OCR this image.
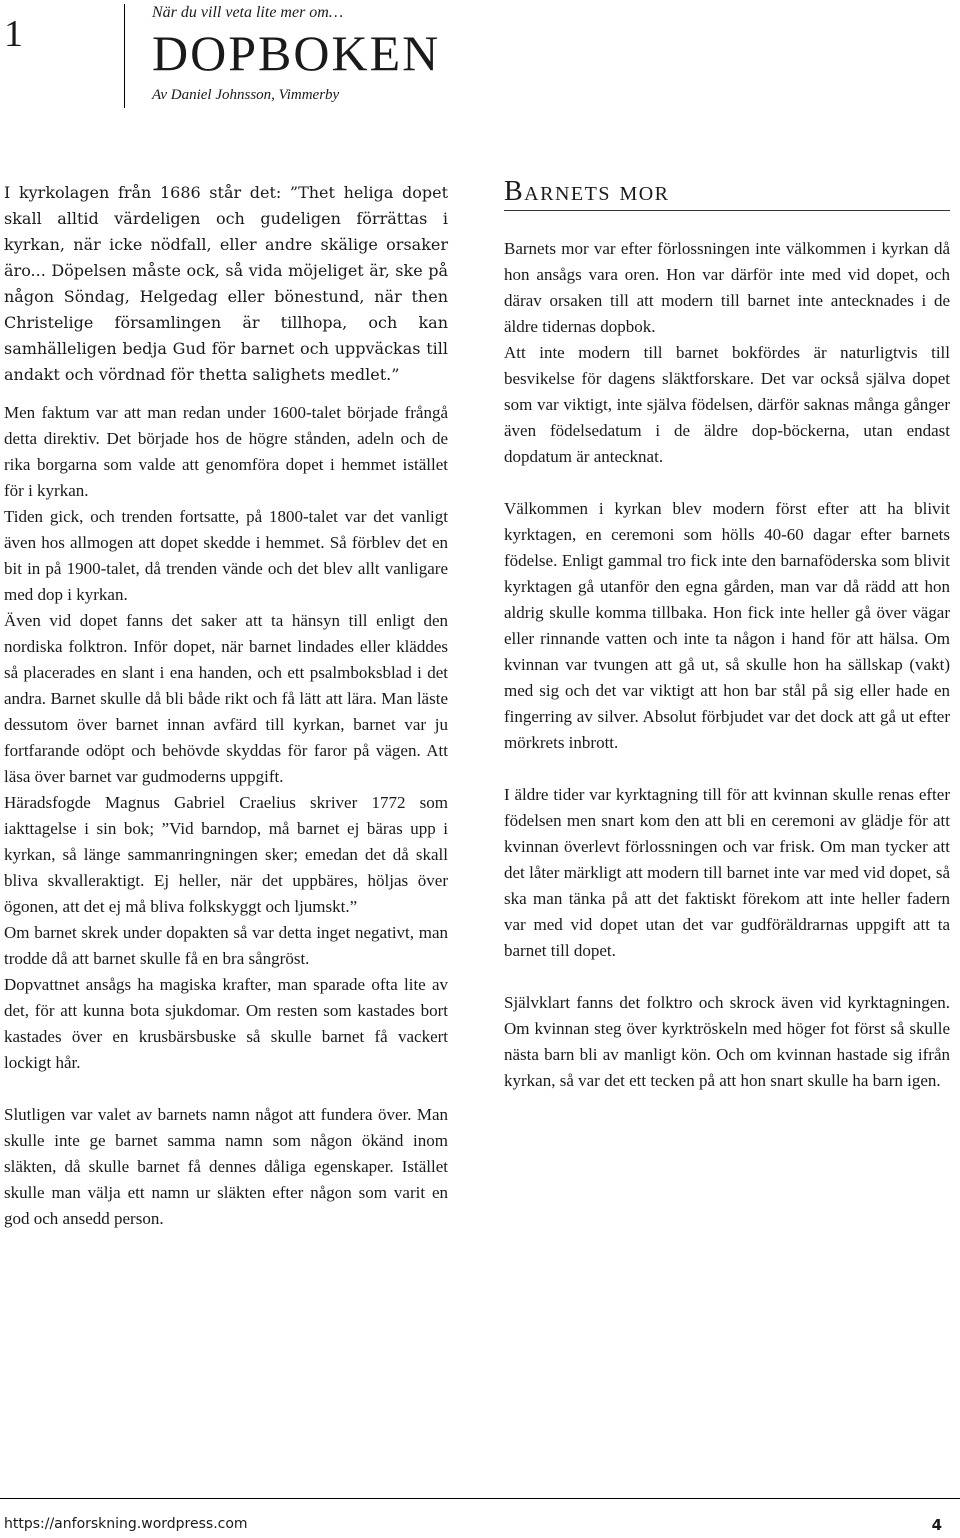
1
När du vill veta lite mer om…
DOPBOKEN
Av Daniel Johnsson, Vimmerby

I kyrkolagen från 1686 står det: ”Thet heliga dopet skall alltid värdeligen och gudeligen förrättas i kyrkan, när icke nödfall, eller andre skälige orsaker äro... Döpelsen måste ock, så vida möjeliget är, ske på någon Söndag, Helgedag eller bönestund, när then Christelige församlingen är tillhopa, och kan samhälleligen bedja Gud för barnet och uppväckas till andakt och vördnad för thetta salighets medlet.”

Men faktum var att man redan under 1600-talet började frångå detta direktiv. Det började hos de högre stånden, adeln och de rika borgarna som valde att genomföra dopet i hemmet istället för i kyrkan.

Tiden gick, och trenden fortsatte, på 1800-talet var det vanligt även hos allmogen att dopet skedde i hemmet. Så förblev det en bit in på 1900-talet, då trenden vände och det blev allt vanligare med dop i kyrkan.

Även vid dopet fanns det saker att ta hänsyn till enligt den nordiska folktron. Inför dopet, när barnet lindades eller kläddes så placerades en slant i ena handen, och ett psalmboksblad i det andra. Barnet skulle då bli både rikt och få lätt att lära. Man läste dessutom över barnet innan avfärd till kyrkan, barnet var ju fortfarande odöpt och behövde skyddas för faror på vägen. Att läsa över barnet var gudmoderns uppgift.

Häradsfogde Magnus Gabriel Craelius skriver 1772 som iakttagelse i sin bok; ”Vid barndop, må barnet ej bäras upp i kyrkan, så länge sammanringningen sker; emedan det då skall bliva skvalleraktigt. Ej heller, när det uppbäres, höljas över ögonen, att det ej må bliva folkskyggt och ljumskt.”

Om barnet skrek under dopakten så var detta inget negativt, man trodde då att barnet skulle få en bra sångröst.

Dopvattnet ansågs ha magiska krafter, man sparade ofta lite av det, för att kunna bota sjukdomar. Om resten som kastades bort kastades över en krusbärsbuske så skulle barnet få vackert lockigt hår.

Slutligen var valet av barnets namn något att fundera över. Man skulle inte ge barnet samma namn som någon ökänd inom släkten, då skulle barnet få dennes dåliga egenskaper. Istället skulle man välja ett namn ur släkten efter någon som varit en god och ansedd person.

Barnets mor

Barnets mor var efter förlossningen inte välkommen i kyrkan då hon ansågs vara oren. Hon var därför inte med vid dopet, och därav orsaken till att modern till barnet inte antecknades i de äldre tidernas dopbok.

Att inte modern till barnet bokfördes är naturligtvis till besvikelse för dagens släktforskare. Det var också själva dopet som var viktigt, inte själva födelsen, därför saknas många gånger även födelsedatum i de äldre dop-böckerna, utan endast dopdatum är antecknat.

Välkommen i kyrkan blev modern först efter att ha blivit kyrktagen, en ceremoni som hölls 40-60 dagar efter barnets födelse. Enligt gammal tro fick inte den barnaföderska som blivit kyrktagen gå utanför den egna gården, man var då rädd att hon aldrig skulle komma tillbaka. Hon fick inte heller gå över vägar eller rinnande vatten och inte ta någon i hand för att hälsa. Om kvinnan var tvungen att gå ut, så skulle hon ha sällskap (vakt) med sig och det var viktigt att hon bar stål på sig eller hade en fingerring av silver. Absolut förbjudet var det dock att gå ut efter mörkrets inbrott.

I äldre tider var kyrktagning till för att kvinnan skulle renas efter födelsen men snart kom den att bli en ceremoni av glädje för att kvinnan överlevt förlossningen och var frisk. Om man tycker att det låter märkligt att modern till barnet inte var med vid dopet, så ska man tänka på att det faktiskt förekom att inte heller fadern var med vid dopet utan det var gudföräldrarnas uppgift att ta barnet till dopet.

Självklart fanns det folktro och skrock även vid kyrktagningen. Om kvinnan steg över kyrktröskeln med höger fot först så skulle nästa barn bli av manligt kön. Och om kvinnan hastade sig ifrån kyrkan, så var det ett tecken på att hon snart skulle ha barn igen.

https://anforskning.wordpress.com	4
